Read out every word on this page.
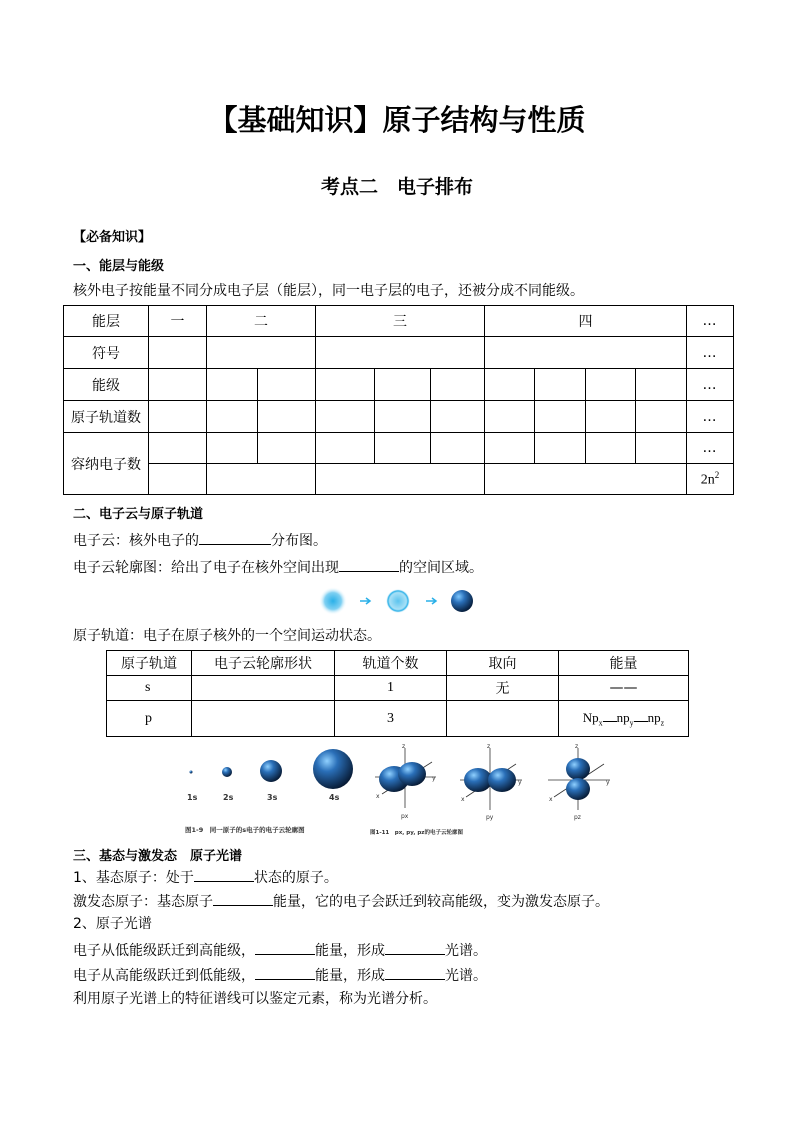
【基础知识】原子结构与性质
考点二　电子排布
【必备知识】
一、能层与能级
核外电子按能量不同分成电子层（能层），同一电子层的电子，还被分成不同能级。
能层	一	二		三			四				…
符号											…
能级											…
原子轨道数											…
容纳电子数											…
											$2n^2$
二、电子云与原子轨道
电子云：核外电子的	分布图。
电子云轮廓图：给出了电子在核外空间出现	的空间区域。
原子轨道：电子在原子核外的一个空间运动状态。
原子轨道	电子云轮廓形状	轨道个数	取向	能量
s		1	无	——
p		3		$Np_x$ $np_y$ $np_z$
1s	2s	3s	4s
z
y
x
px
z
y
x
py
z
y
x
pz
图1-9　同一原子的s电子的电子云轮廓图	图1-11　px, py, pz的电子云轮廓图
三、基态与激发态　原子光谱
1、基态原子：处于	状态的原子。
激发态原子：基态原子	能量，它的电子会跃迁到较高能级，变为激发态原子。
2、原子光谱
电子从低能级跃迁到高能级，	能量，形成	光谱。
电子从高能级跃迁到低能级，	能量，形成	光谱。
利用原子光谱上的特征谱线可以鉴定元素，称为光谱分析。
